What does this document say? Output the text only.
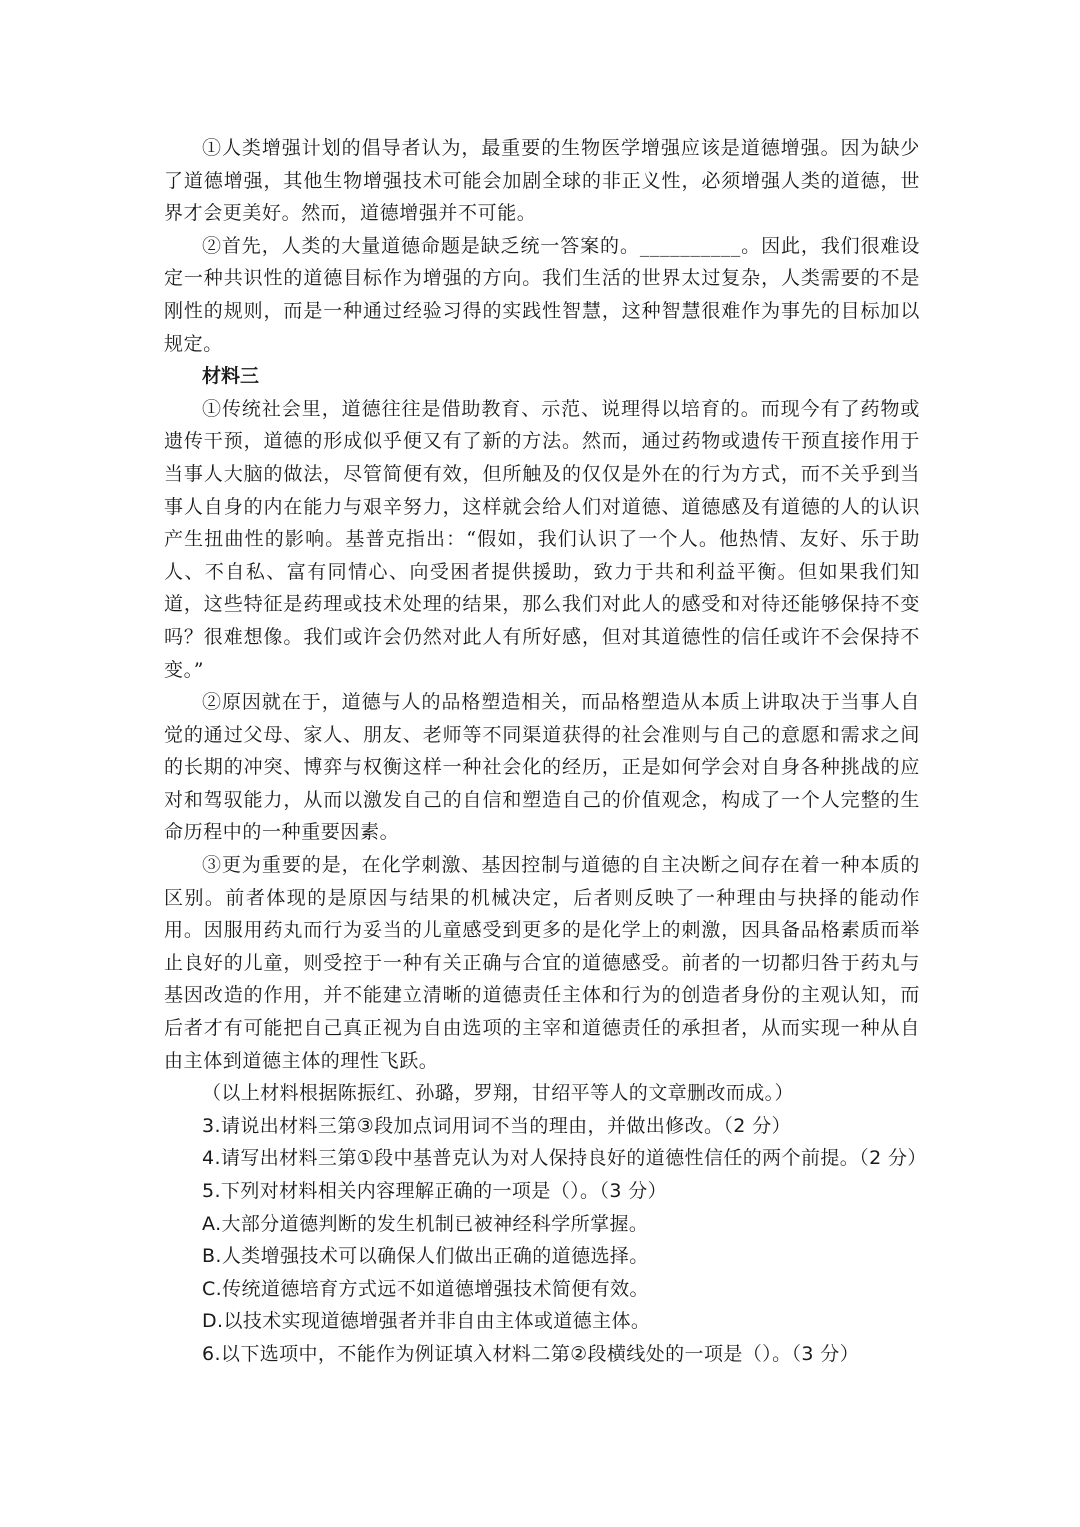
①人类增强计划的倡导者认为，最重要的生物医学增强应该是道德增强。因为缺少了道德增强，其他生物增强技术可能会加剧全球的非正义性，必须增强人类的道德，世界才会更美好。然而，道德增强并不可能。

②首先，人类的大量道德命题是缺乏统一答案的。__________。因此，我们很难设定一种共识性的道德目标作为增强的方向。我们生活的世界太过复杂，人类需要的不是刚性的规则，而是一种通过经验习得的实践性智慧，这种智慧很难作为事先的目标加以规定。

材料三

①传统社会里，道德往往是借助教育、示范、说理得以培育的。而现今有了药物或遗传干预，道德的形成似乎便又有了新的方法。然而，通过药物或遗传干预直接作用于当事人大脑的做法，尽管简便有效，但所触及的仅仅是外在的行为方式，而不关乎到当事人自身的内在能力与艰辛努力，这样就会给人们对道德、道德感及有道德的人的认识产生扭曲性的影响。基普克指出：“假如，我们认识了一个人。他热情、友好、乐于助人、不自私、富有同情心、向受困者提供援助，致力于共和利益平衡。但如果我们知道，这些特征是药理或技术处理的结果，那么我们对此人的感受和对待还能够保持不变吗？很难想像。我们或许会仍然对此人有所好感，但对其道德性的信任或许不会保持不变。”

②原因就在于，道德与人的品格塑造相关，而品格塑造从本质上讲取决于当事人自觉的通过父母、家人、朋友、老师等不同渠道获得的社会准则与自己的意愿和需求之间的长期的冲突、博弈与权衡这样一种社会化的经历，正是如何学会对自身各种挑战的应对和驾驭能力，从而以激发自己的自信和塑造自己的价值观念，构成了一个人完整的生命历程中的一种重要因素。

③更为重要的是，在化学刺激、基因控制与道德的自主决断之间存在着一种本质的区别。前者体现的是原因与结果的机械决定，后者则反映了一种理由与抉择的能动作用。因服用药丸而行为妥当的儿童感受到更多的是化学上的刺激，因具备品格素质而举止良好的儿童，则受控于一种有关正确与合宜的道德感受。前者的一切都归咎于药丸与基因改造的作用，并不能建立清晰的道德责任主体和行为的创造者身份的主观认知，而后者才有可能把自己真正视为自由选项的主宰和道德责任的承担者，从而实现一种从自由主体到道德主体的理性飞跃。

（以上材料根据陈振红、孙璐，罗翔，甘绍平等人的文章删改而成。）

3.请说出材料三第③段加点词用词不当的理由，并做出修改。（2 分）

4.请写出材料三第①段中基普克认为对人保持良好的道德性信任的两个前提。（2 分）

5.下列对材料相关内容理解正确的一项是（）。（3 分）

A.大部分道德判断的发生机制已被神经科学所掌握。

B.人类增强技术可以确保人们做出正确的道德选择。

C.传统道德培育方式远不如道德增强技术简便有效。

D.以技术实现道德增强者并非自由主体或道德主体。

6.以下选项中，不能作为例证填入材料二第②段横线处的一项是（）。（3 分）
